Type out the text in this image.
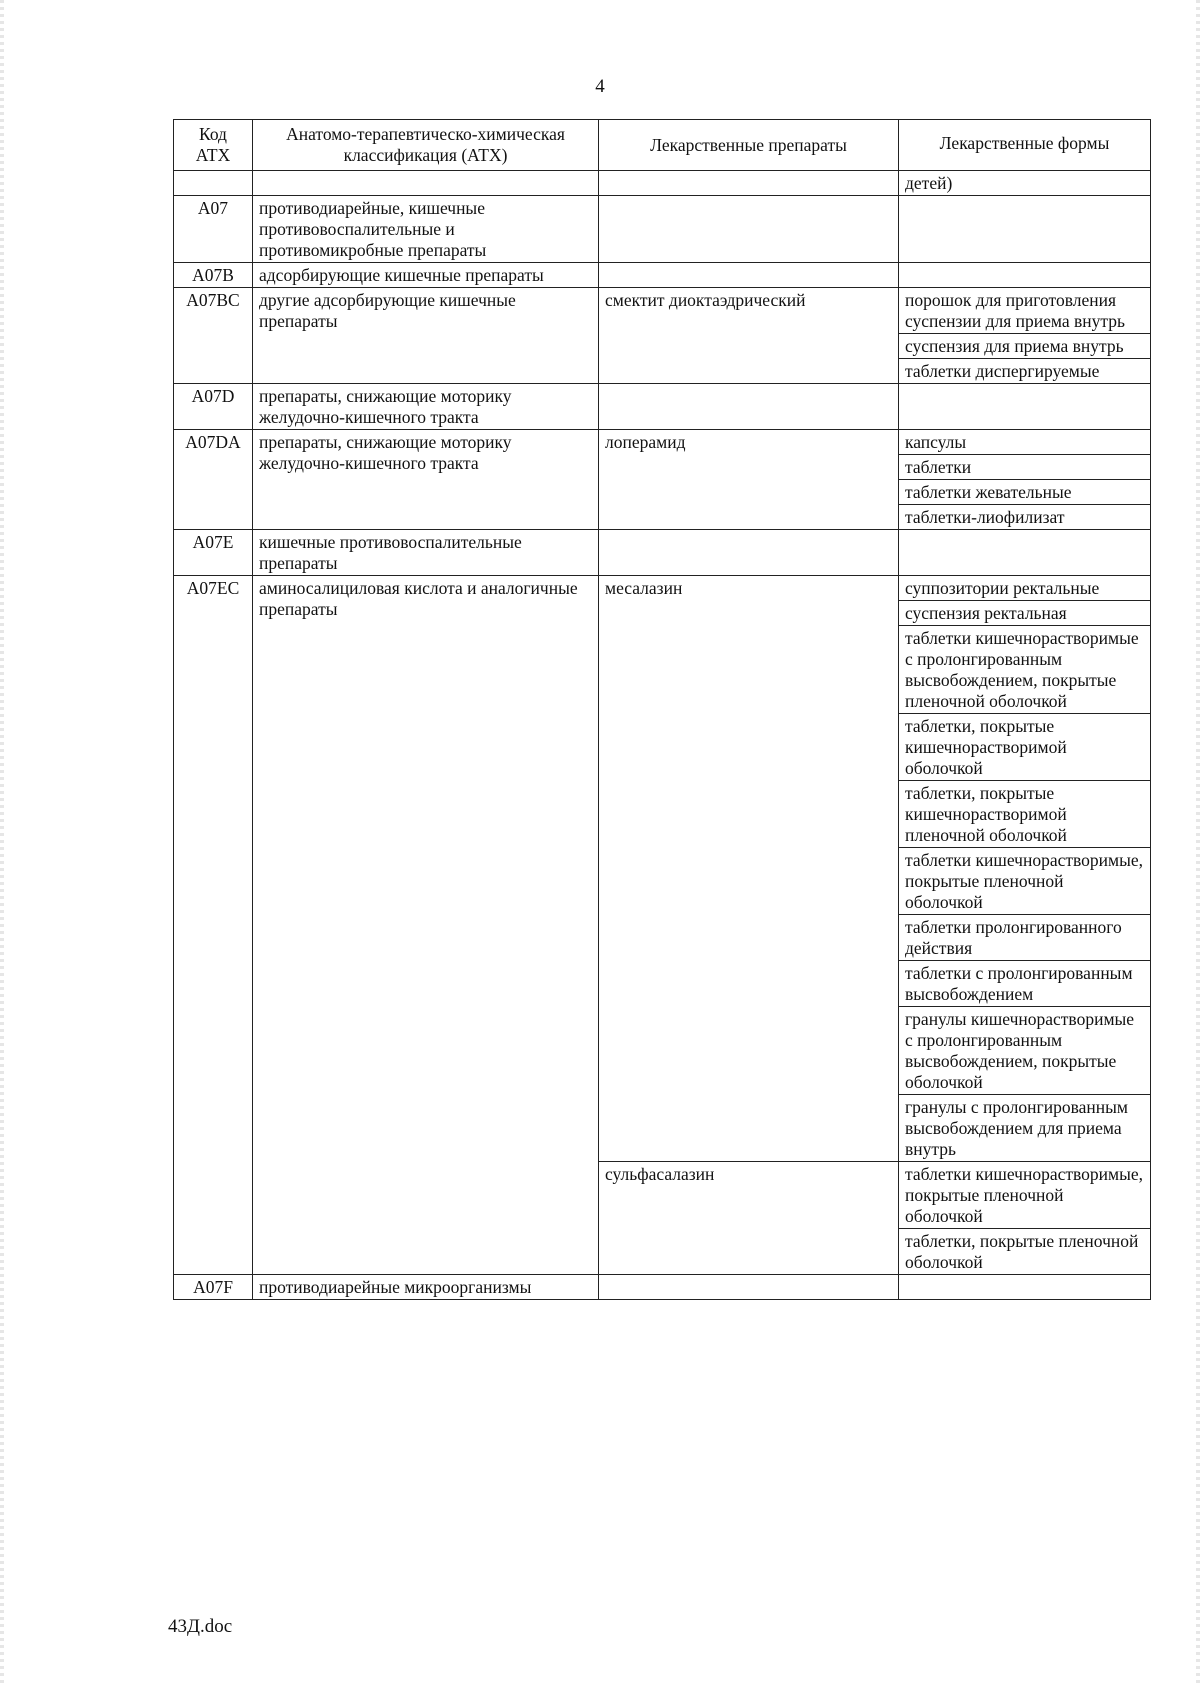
4
Код АТХ	Анатомо-терапевтическо-химическая классификация (АТХ)	Лекарственные препараты	Лекарственные формы
			детей)
A07	противодиарейные, кишечные противовоспалительные и противомикробные препараты		
A07B	адсорбирующие кишечные препараты		
A07BC	другие адсорбирующие кишечные препараты	смектит диоктаэдрический	порошок для приготовления суспензии для приема внутрь
			суспензия для приема внутрь
			таблетки диспергируемые
A07D	препараты, снижающие моторику желудочно-кишечного тракта		
A07DA	препараты, снижающие моторику желудочно-кишечного тракта	лоперамид	капсулы
			таблетки
			таблетки жевательные
			таблетки-лиофилизат
A07E	кишечные противовоспалительные препараты		
A07EC	аминосалициловая кислота и аналогичные препараты	месалазин	суппозитории ректальные
			суспензия ректальная
			таблетки кишечнорастворимые с пролонгированным высвобождением, покрытые пленочной оболочкой
			таблетки, покрытые кишечнорастворимой оболочкой
			таблетки, покрытые кишечнорастворимой пленочной оболочкой
			таблетки кишечнорастворимые, покрытые пленочной оболочкой
			таблетки пролонгированного действия
			таблетки с пролонгированным высвобождением
			гранулы кишечнорастворимые с пролонгированным высвобождением, покрытые оболочкой
			гранулы с пролонгированным высвобождением для приема внутрь
		сульфасалазин	таблетки кишечнорастворимые, покрытые пленочной оболочкой
			таблетки, покрытые пленочной оболочкой
A07F	противодиарейные микроорганизмы		
43Д.doc
